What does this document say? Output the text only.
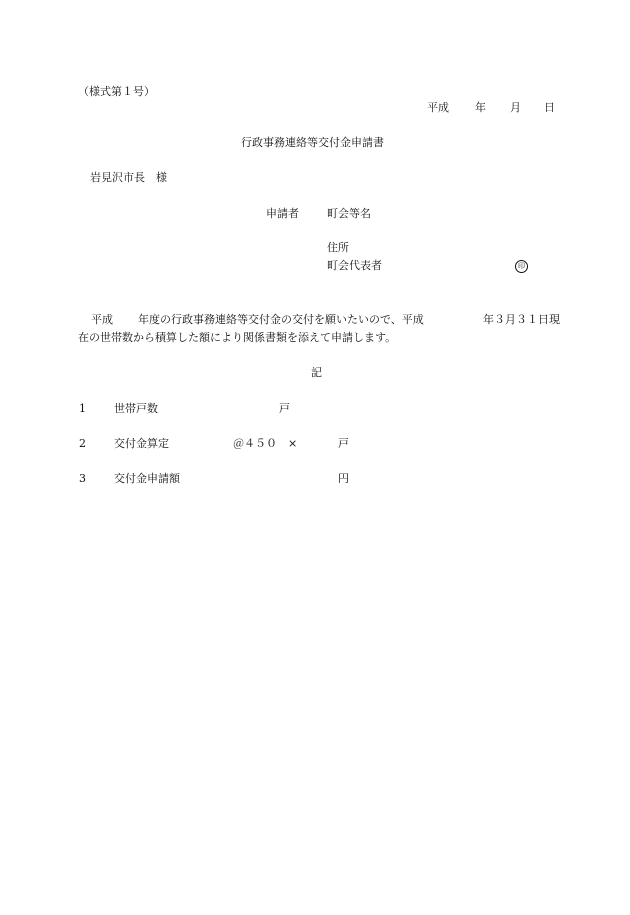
（様式第１号）
平成 年 月 日
行政事務連絡等交付金申請書
岩見沢市長　様
申請者	町会等名
住所
町会代表者	印
平成 年度の行政事務連絡等交付金の交付を願いたいので、平成	年３月３１日現
在の世帯数から積算した額により関係書類を添えて申請します。
記
1	世帯戸数	戸
2	交付金算定	＠４５０　×	戸
3	交付金申請額	円
